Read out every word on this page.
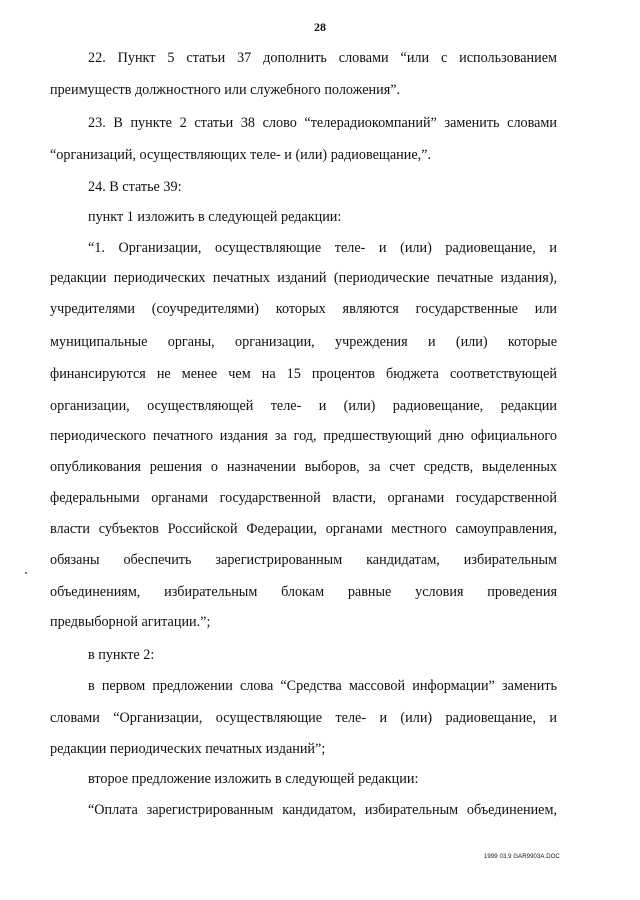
28
22. Пункт 5 статьи 37 дополнить словами “или с использованием
преимуществ должностного или служебного положения”.
23. В пункте 2 статьи 38 слово “телерадиокомпаний” заменить словами
“организаций, осуществляющих теле- и (или) радиовещание,”.
24. В статье 39:
пункт 1 изложить в следующей редакции:
“1. Организации, осуществляющие теле- и (или) радиовещание, и
редакции периодических печатных изданий (периодические печатные издания),
учредителями (соучредителями) которых являются государственные или
муниципальные органы, организации, учреждения и (или) которые
финансируются не менее чем на 15 процентов бюджета соответствующей
организации, осуществляющей теле- и (или) радиовещание, редакции
периодического печатного издания за год, предшествующий дню официального
опубликования решения о назначении выборов, за счет средств, выделенных
федеральными органами государственной власти, органами государственной
власти субъектов Российской Федерации, органами местного самоуправления,
обязаны обеспечить зарегистрированным кандидатам, избирательным
объединениям, избирательным блокам равные условия проведения
предвыборной агитации.”;
в пункте 2:
в первом предложении слова “Средства массовой информации” заменить
словами “Организации, осуществляющие теле- и (или) радиовещание, и
редакции периодических печатных изданий”;
второе предложение изложить в следующей редакции:
“Оплата зарегистрированным кандидатом, избирательным объединением,
1999 03.9 GAR9903A.DOC
